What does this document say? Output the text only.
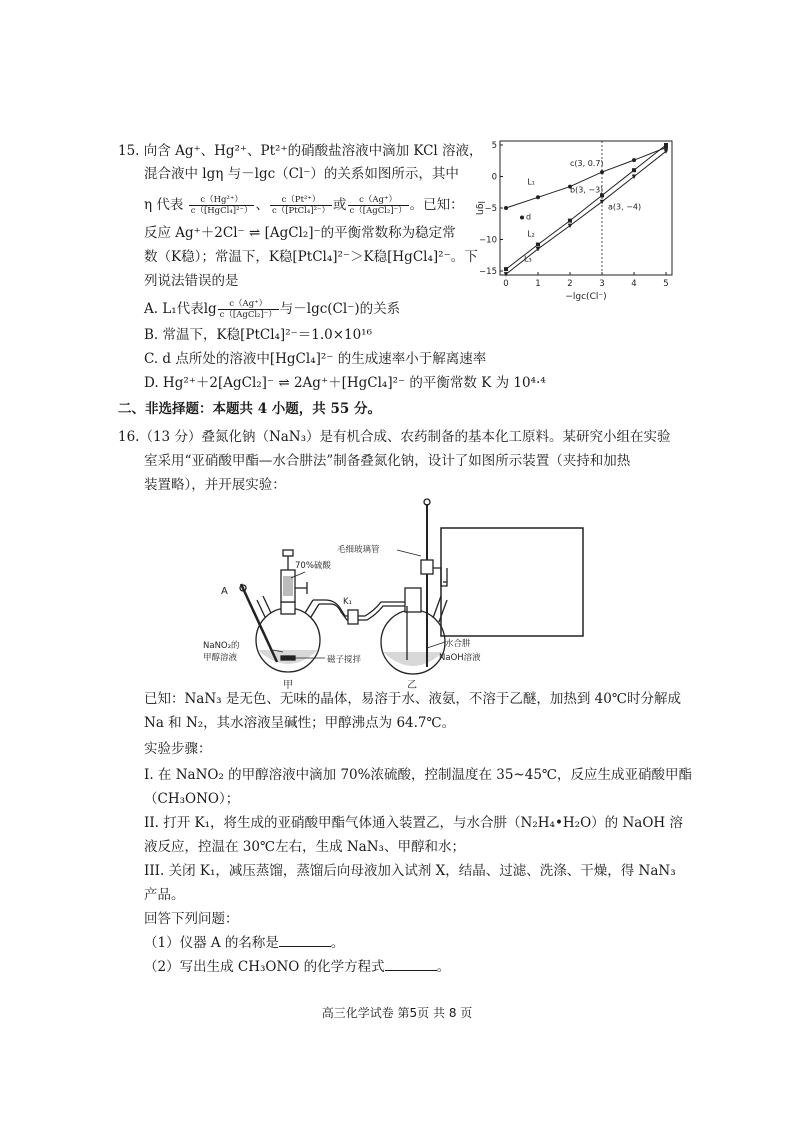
15. 向含 Ag⁺、Hg²⁺、Pt²⁺的硝酸盐溶液中滴加 KCl 溶液，
混合液中 lgη 与－lgc（Cl⁻）的关系如图所示，其中
η 代表 $\frac{\text{c（Hg²⁺）}}{\text{c（[HgCl₄]²⁻）}}$ 、 $\frac{\text{c（Pt²⁺）}}{\text{c（[PtCl₄]²⁻）}}$ 或 $\frac{c(Ag^+)}{\text{c（[AgCl₂]⁻）}}$ 。已知：
反应 Ag⁺＋2Cl⁻ ⇌ [AgCl₂]⁻的平衡常数称为稳定常
数（K稳）；常温下，K稳[PtCl₄]²⁻＞K稳[HgCl₄]²⁻。下
列说法错误的是
A. L₁代表$\lg \frac{c(Ag^+)}{\text{c（[AgCl₂]⁻）}}$ 与－lgc(Cl⁻)的关系
B. 常温下，K稳[PtCl₄]²⁻＝1.0×10¹⁶
C. d 点所处的溶液中[HgCl₄]²⁻ 的生成速率小于解离速率
D. Hg²⁺＋2[AgCl₂]⁻ ⇌ 2Ag⁺＋[HgCl₄]²⁻ 的平衡常数 K 为 10⁴·⁴
0	1	2	3	4	5
5
0
−5
−10
−15
−lgc(Cl⁻)
lgη
L₁
L₂
L₃
c(3, 0.7)
b(3, −3)
a(3, −4)
d
二、非选择题：本题共 4 小题，共 55 分。
16.（13 分）叠氮化钠（NaN₃）是有机合成、农药制备的基本化工原料。某研究小组在实验
室采用“亚硝酸甲酯—水合肼法”制备叠氮化钠，设计了如图所示装置（夹持和加热
装置略），并开展实验：
毛细玻璃管
70%硫酸
A
K₁
NaNO₂的
甲醇溶液	磁子搅拌
水合肼
NaOH溶液
甲	乙
已知：NaN₃ 是无色、无味的晶体，易溶于水、液氨，不溶于乙醚，加热到 40℃时分解成
Na 和 N₂，其水溶液呈碱性；甲醇沸点为 64.7℃。
实验步骤：
I. 在 NaNO₂ 的甲醇溶液中滴加 70%浓硫酸，控制温度在 35~45℃，反应生成亚硝酸甲酯
（CH₃ONO）；
II. 打开 K₁，将生成的亚硝酸甲酯气体通入装置乙，与水合肼（N₂H₄•H₂O）的 NaOH 溶
液反应，控温在 30℃左右，生成 NaN₃、甲醇和水；
III. 关闭 K₁，减压蒸馏，蒸馏后向母液加入试剂 X，结晶、过滤、洗涤、干燥，得 NaN₃
产品。
回答下列问题：
（1）仪器 A 的名称是	。
（2）写出生成 CH₃ONO 的化学方程式	。
高三化学试卷 第5页 共 8 页
